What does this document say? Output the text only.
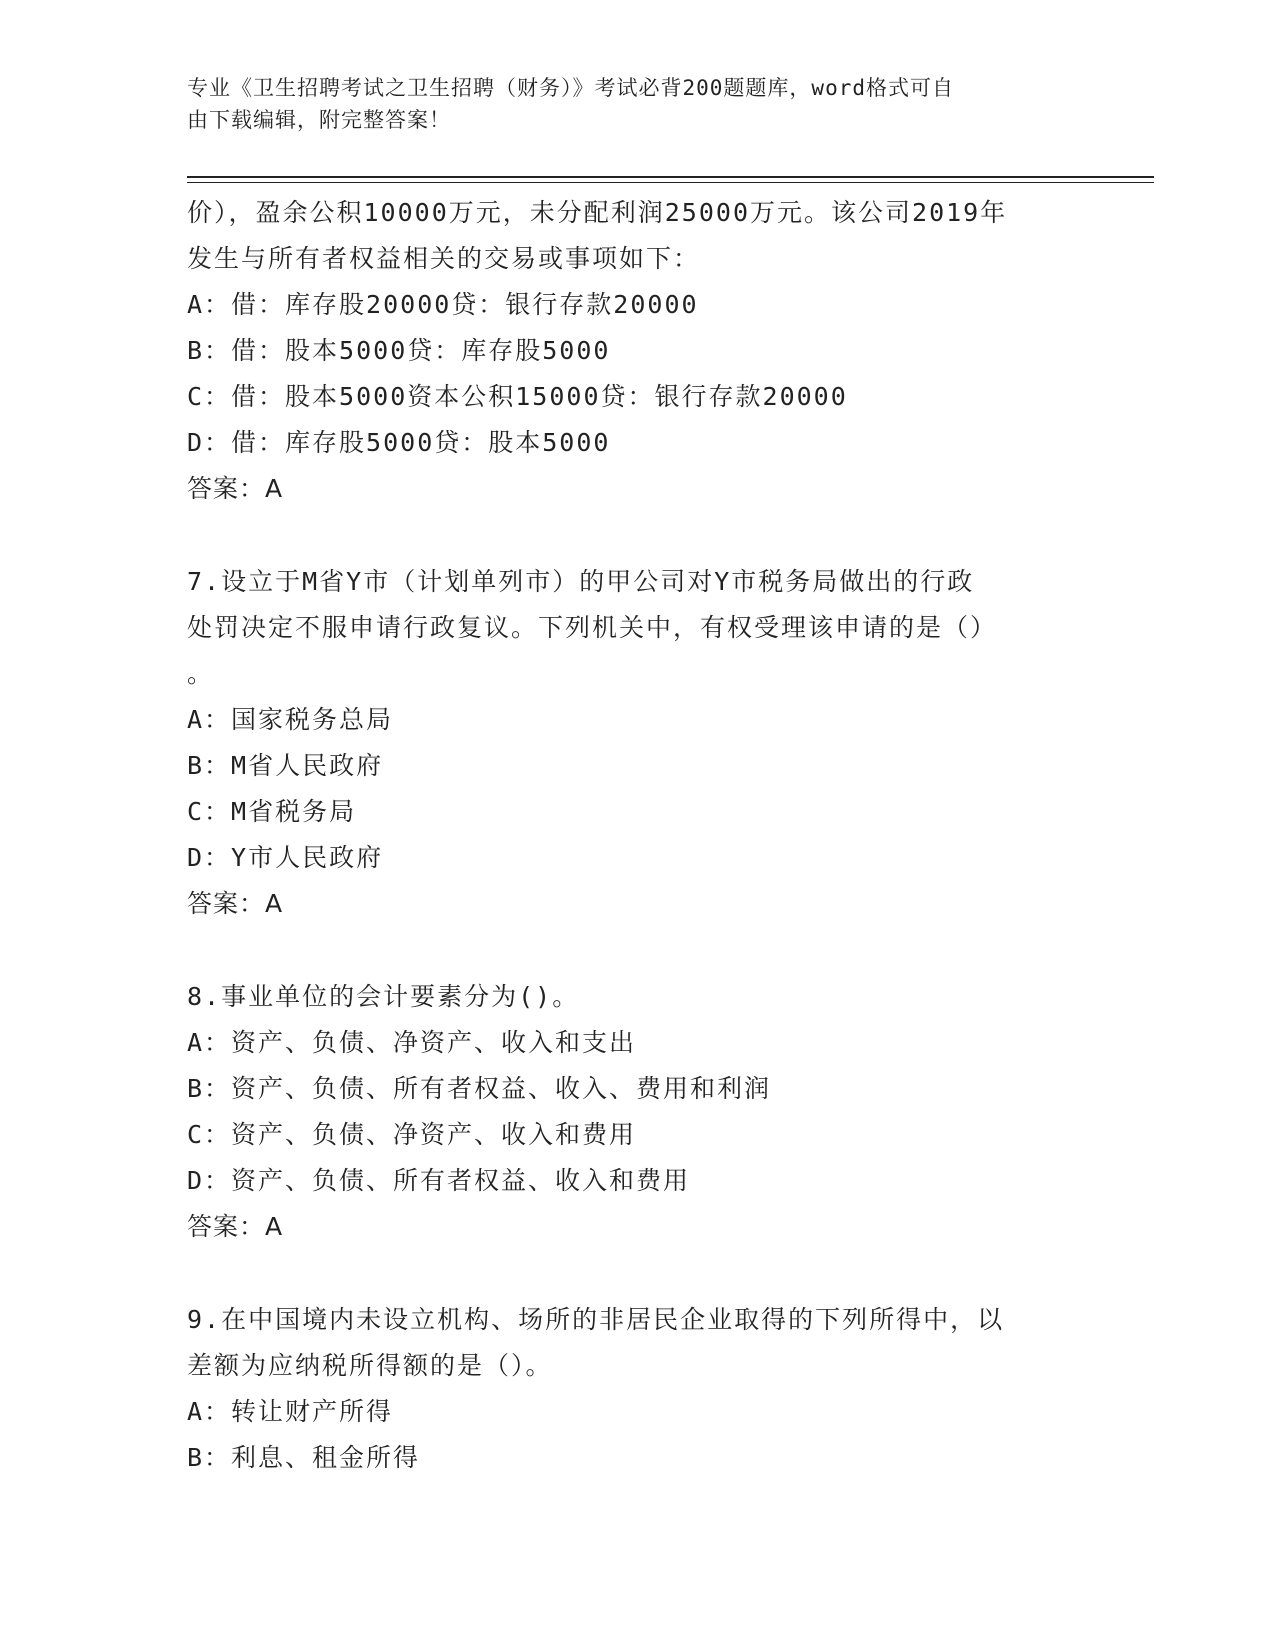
专业《卫生招聘考试之卫生招聘（财务）》考试必背200题题库，word格式可自
由下载编辑，附完整答案！
价），盈余公积10000万元，未分配利润25000万元。该公司2019年
发生与所有者权益相关的交易或事项如下：
A：借：库存股20000贷：银行存款20000
B：借：股本5000贷：库存股5000
C：借：股本5000资本公积15000贷：银行存款20000
D：借：库存股5000贷：股本5000
答案：A
7.设立于M省Y市（计划单列市）的甲公司对Y市税务局做出的行政
处罚决定不服申请行政复议。下列机关中，有权受理该申请的是（）
。
A：国家税务总局
B：M省人民政府
C：M省税务局
D：Y市人民政府
答案：A
8.事业单位的会计要素分为()。
A：资产、负债、净资产、收入和支出
B：资产、负债、所有者权益、收入、费用和利润
C：资产、负债、净资产、收入和费用
D：资产、负债、所有者权益、收入和费用
答案：A
9.在中国境内未设立机构、场所的非居民企业取得的下列所得中，以
差额为应纳税所得额的是（）。
A：转让财产所得
B：利息、租金所得
